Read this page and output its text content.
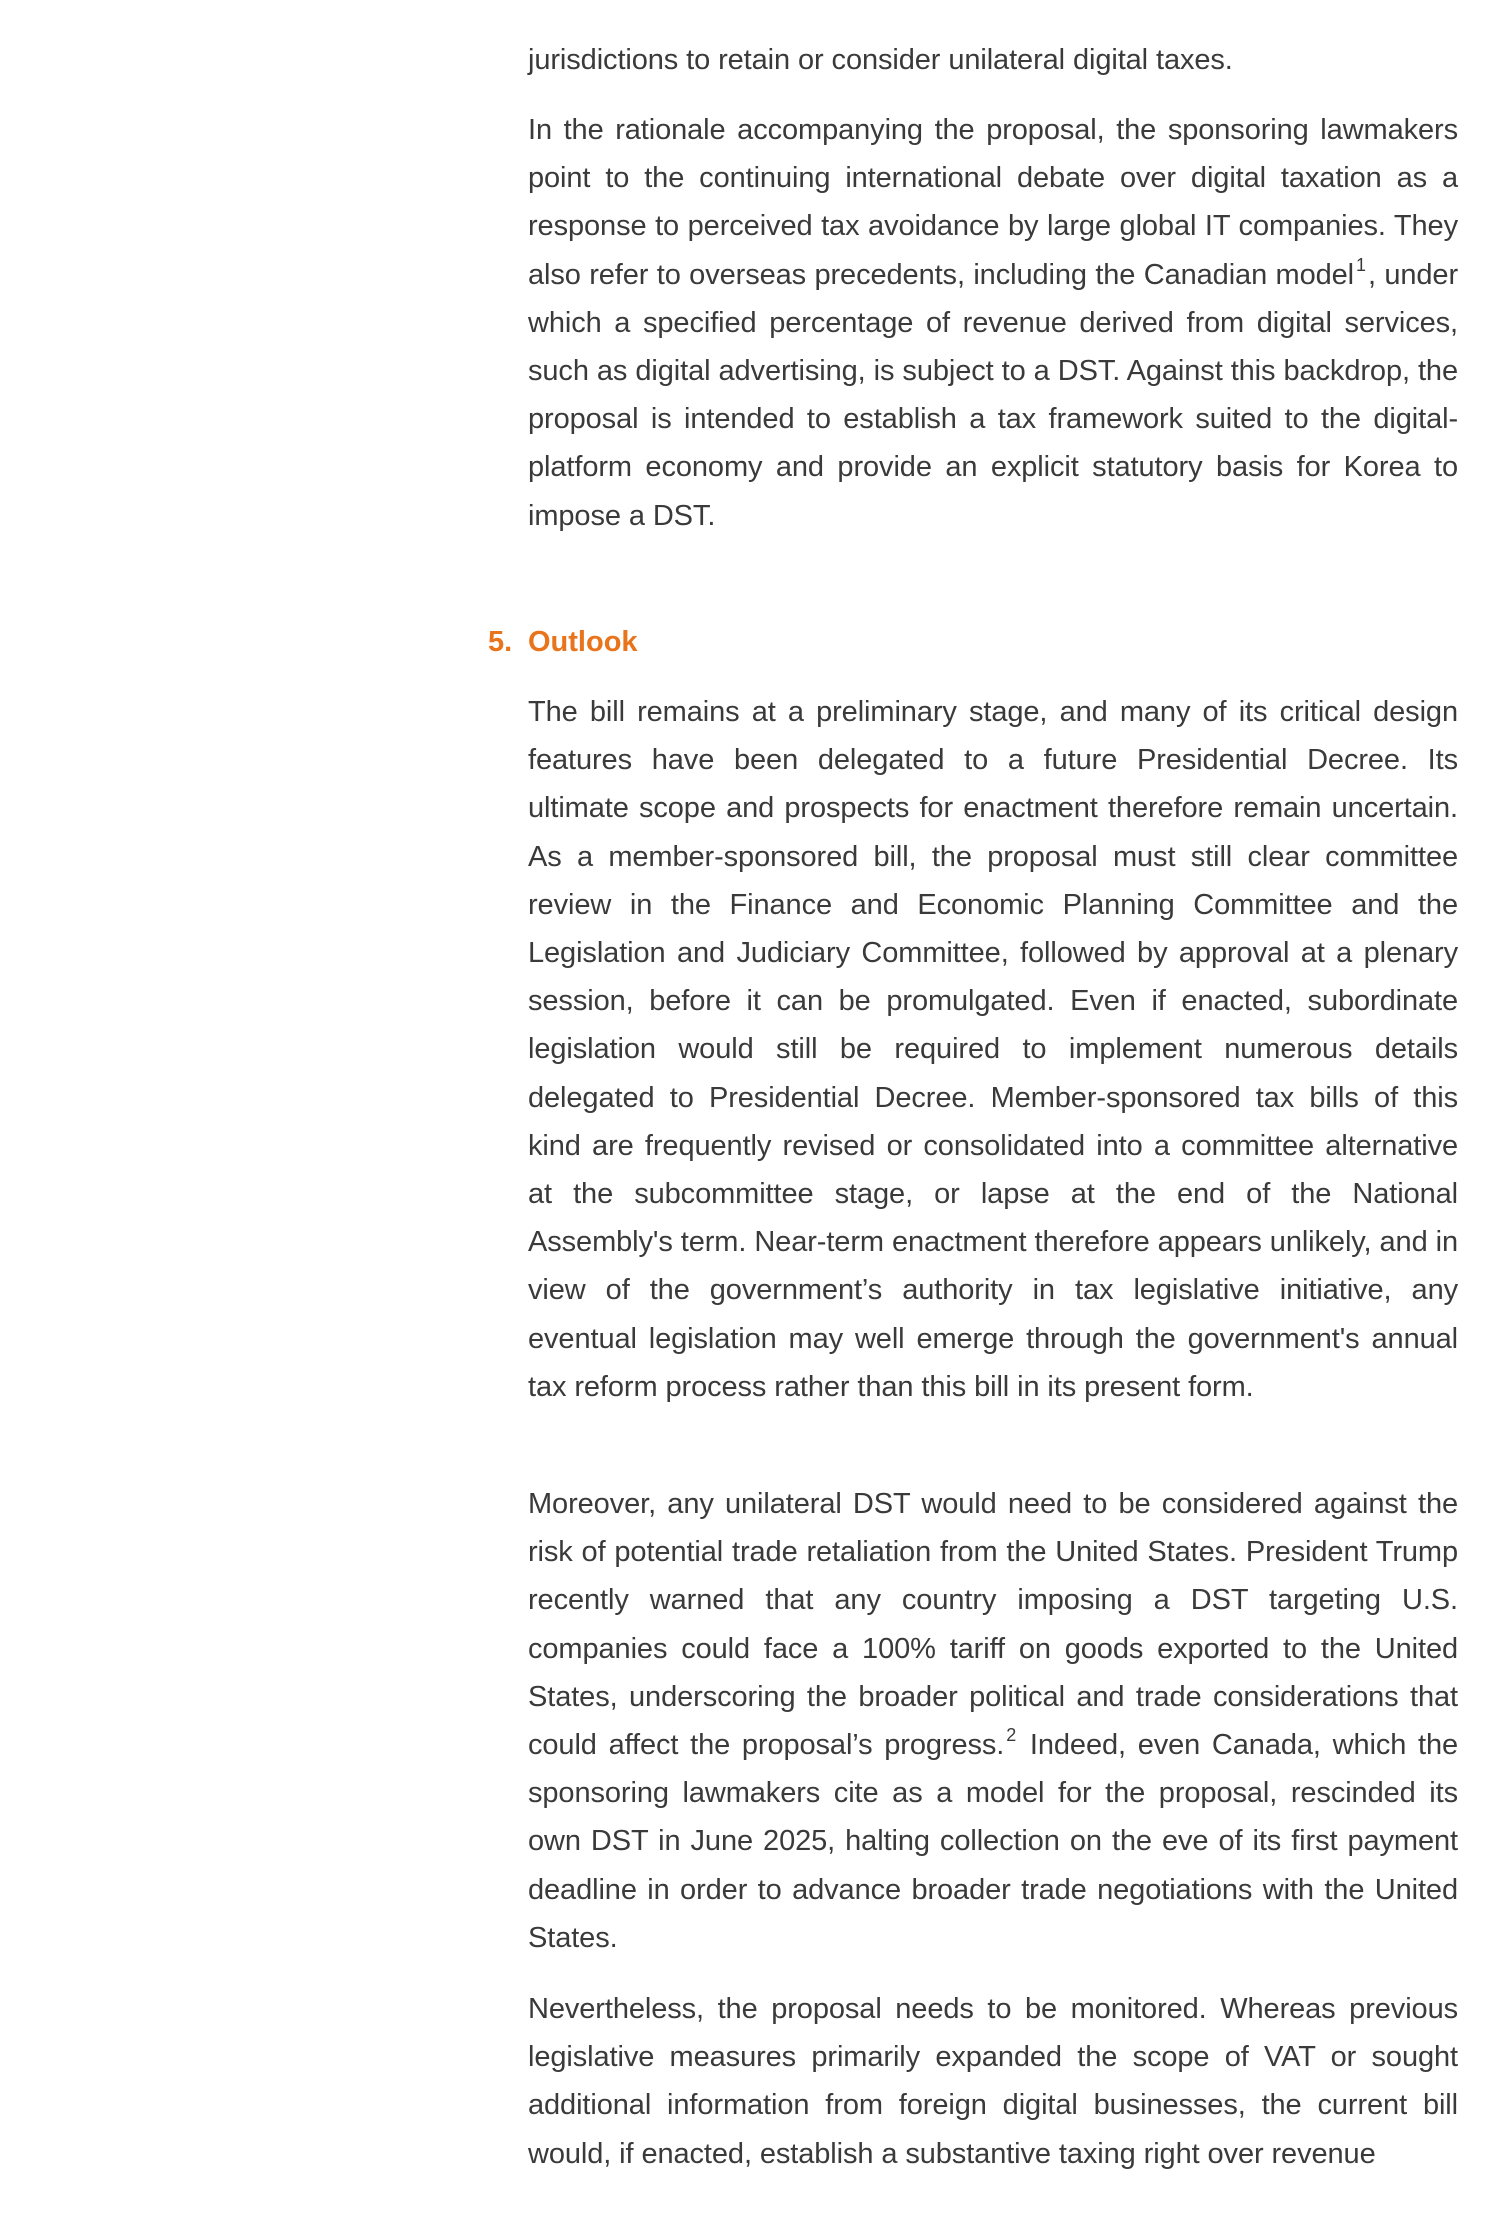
jurisdictions to retain or consider unilateral digital taxes.

In the rationale accompanying the proposal, the sponsoring lawmakers point to the continuing international debate over digital taxation as a response to perceived tax avoidance by large global IT companies. They also refer to overseas precedents, including the Canadian model $^1$, under which a specified percentage of revenue derived from digital services, such as digital advertising, is subject to a DST. Against this backdrop, the proposal is intended to establish a tax framework suited to the digital-platform economy and provide an explicit statutory basis for Korea to impose a DST.

5. Outlook

The bill remains at a preliminary stage, and many of its critical design features have been delegated to a future Presidential Decree. Its ultimate scope and prospects for enactment therefore remain uncertain. As a member-sponsored bill, the proposal must still clear committee review in the Finance and Economic Planning Committee and the Legislation and Judiciary Committee, followed by approval at a plenary session, before it can be promulgated. Even if enacted, subordinate legislation would still be required to implement numerous details delegated to Presidential Decree. Member-sponsored tax bills of this kind are frequently revised or consolidated into a committee alternative at the subcommittee stage, or lapse at the end of the National Assembly's term. Near-term enactment therefore appears unlikely, and in view of the government’s authority in tax legislative initiative, any eventual legislation may well emerge through the government's annual tax reform process rather than this bill in its present form.

Moreover, any unilateral DST would need to be considered against the risk of potential trade retaliation from the United States. President Trump recently warned that any country imposing a DST targeting U.S. companies could face a 100% tariff on goods exported to the United States, underscoring the broader political and trade considerations that could affect the proposal’s progress. $^2$ Indeed, even Canada, which the sponsoring lawmakers cite as a model for the proposal, rescinded its own DST in June 2025, halting collection on the eve of its first payment deadline in order to advance broader trade negotiations with the United States.

Nevertheless, the proposal needs to be monitored. Whereas previous legislative measures primarily expanded the scope of VAT or sought additional information from foreign digital businesses, the current bill would, if enacted, establish a substantive taxing right over revenue
